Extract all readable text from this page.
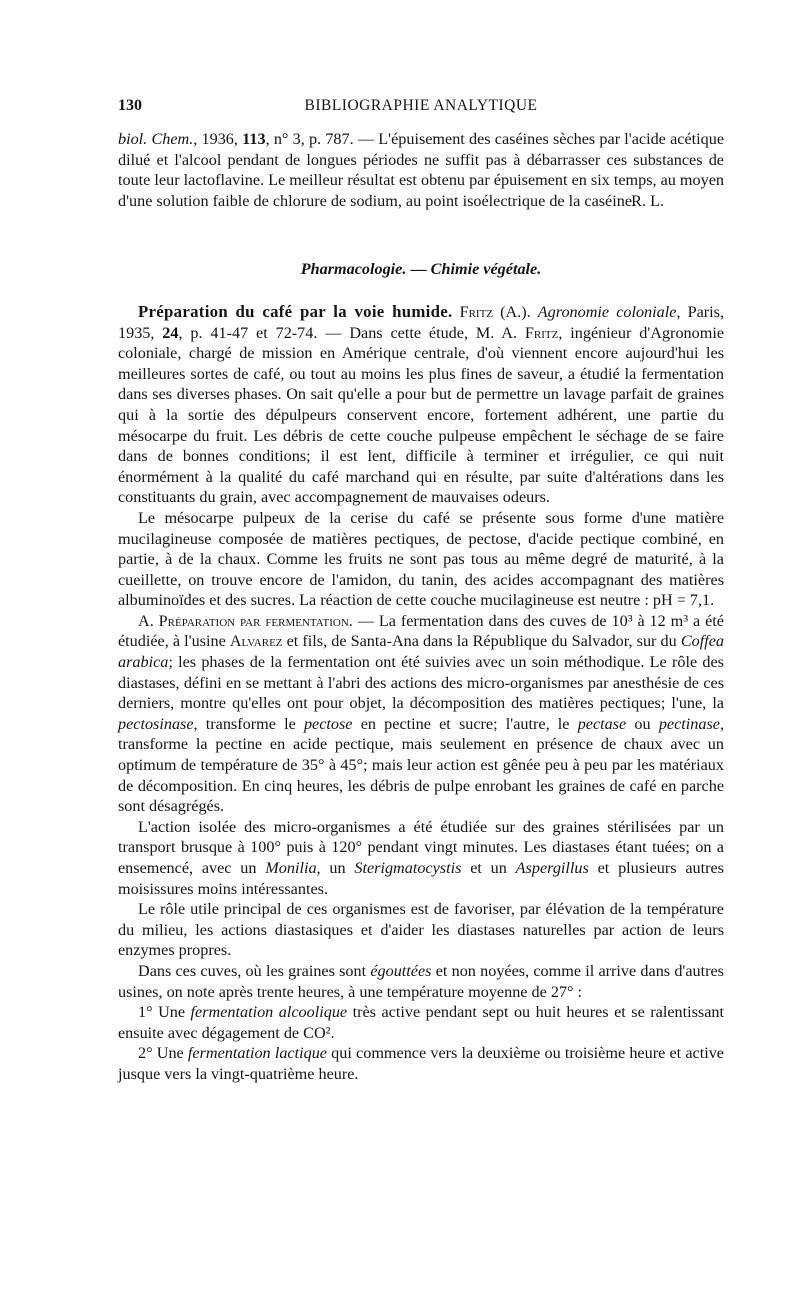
130	BIBLIOGRAPHIE ANALYTIQUE

biol. Chem., 1936, 113, n° 3, p. 787. — L'épuisement des caséines sèches par l'acide acétique dilué et l'alcool pendant de longues périodes ne suffit pas à débarrasser ces substances de toute leur lactoflavine. Le meilleur résultat est obtenu par épuisement en six temps, au moyen d'une solution faible de chlorure de sodium, au point isoélectrique de la caséine.

R. L.

Pharmacologie. — Chimie végétale.

Préparation du café par la voie humide. Fritz (A.). Agronomie coloniale, Paris, 1935, 24, p. 41-47 et 72-74. — Dans cette étude, M. A. Fritz, ingénieur d'Agronomie coloniale, chargé de mission en Amérique centrale, d'où viennent encore aujourd'hui les meilleures sortes de café, ou tout au moins les plus fines de saveur, a étudié la fermentation dans ses diverses phases. On sait qu'elle a pour but de permettre un lavage parfait de graines qui à la sortie des dépulpeurs conservent encore, fortement adhérent, une partie du mésocarpe du fruit. Les débris de cette couche pulpeuse empêchent le séchage de se faire dans de bonnes conditions; il est lent, difficile à terminer et irrégulier, ce qui nuit énormément à la qualité du café marchand qui en résulte, par suite d'altérations dans les constituants du grain, avec accompagnement de mauvaises odeurs.

Le mésocarpe pulpeux de la cerise du café se présente sous forme d'une matière mucilagineuse composée de matières pectiques, de pectose, d'acide pectique combiné, en partie, à de la chaux. Comme les fruits ne sont pas tous au même degré de maturité, à la cueillette, on trouve encore de l'amidon, du tanin, des acides accompagnant des matières albuminoïdes et des sucres. La réaction de cette couche mucilagineuse est neutre : pH = 7,1.

A. Préparation par fermentation. — La fermentation dans des cuves de 10³ à 12 m³ a été étudiée, à l'usine Alvarez et fils, de Santa-Ana dans la République du Salvador, sur du Coffea arabica; les phases de la fermentation ont été suivies avec un soin méthodique. Le rôle des diastases, défini en se mettant à l'abri des actions des micro-organismes par anesthésie de ces derniers, montre qu'elles ont pour objet, la décomposition des matières pectiques; l'une, la pectosinase, transforme le pectose en pectine et sucre; l'autre, le pectase ou pectinase, transforme la pectine en acide pectique, mais seulement en présence de chaux avec un optimum de température de 35° à 45°; mais leur action est gênée peu à peu par les matériaux de décomposition. En cinq heures, les débris de pulpe enrobant les graines de café en parche sont désagrégés.

L'action isolée des micro-organismes a été étudiée sur des graines stérilisées par un transport brusque à 100° puis à 120° pendant vingt minutes. Les diastases étant tuées; on a ensemencé, avec un Monilia, un Sterigmatocystis et un Aspergillus et plusieurs autres moisissures moins intéressantes.

Le rôle utile principal de ces organismes est de favoriser, par élévation de la température du milieu, les actions diastasiques et d'aider les diastases naturelles par action de leurs enzymes propres.

Dans ces cuves, où les graines sont égouttées et non noyées, comme il arrive dans d'autres usines, on note après trente heures, à une température moyenne de 27° :

1° Une fermentation alcoolique très active pendant sept ou huit heures et se ralentissant ensuite avec dégagement de CO².

2° Une fermentation lactique qui commence vers la deuxième ou troisième heure et active jusque vers la vingt-quatrième heure.
